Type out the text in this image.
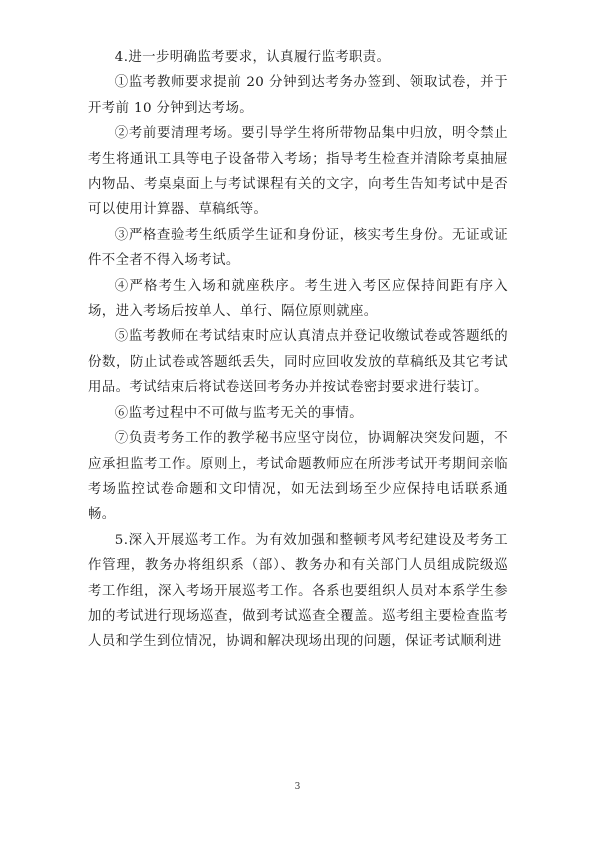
4.进一步明确监考要求，认真履行监考职责。

①监考教师要求提前 20 分钟到达考务办签到、领取试卷，并于开考前 10 分钟到达考场。

②考前要清理考场。要引导学生将所带物品集中归放，明令禁止考生将通讯工具等电子设备带入考场；指导考生检查并清除考桌抽屉内物品、考桌桌面上与考试课程有关的文字，向考生告知考试中是否可以使用计算器、草稿纸等。

③严格查验考生纸质学生证和身份证，核实考生身份。无证或证件不全者不得入场考试。

④严格考生入场和就座秩序。考生进入考区应保持间距有序入场，进入考场后按单人、单行、隔位原则就座。

⑤监考教师在考试结束时应认真清点并登记收缴试卷或答题纸的份数，防止试卷或答题纸丢失，同时应回收发放的草稿纸及其它考试用品。考试结束后将试卷送回考务办并按试卷密封要求进行装订。

⑥监考过程中不可做与监考无关的事情。

⑦负责考务工作的教学秘书应坚守岗位，协调解决突发问题，不应承担监考工作。原则上，考试命题教师应在所涉考试开考期间亲临考场监控试卷命题和文印情况，如无法到场至少应保持电话联系通畅。

5.深入开展巡考工作。为有效加强和整顿考风考纪建设及考务工作管理，教务办将组织系（部）、教务办和有关部门人员组成院级巡考工作组，深入考场开展巡考工作。各系也要组织人员对本系学生参加的考试进行现场巡查，做到考试巡查全覆盖。巡考组主要检查监考人员和学生到位情况，协调和解决现场出现的问题，保证考试顺利进

3
